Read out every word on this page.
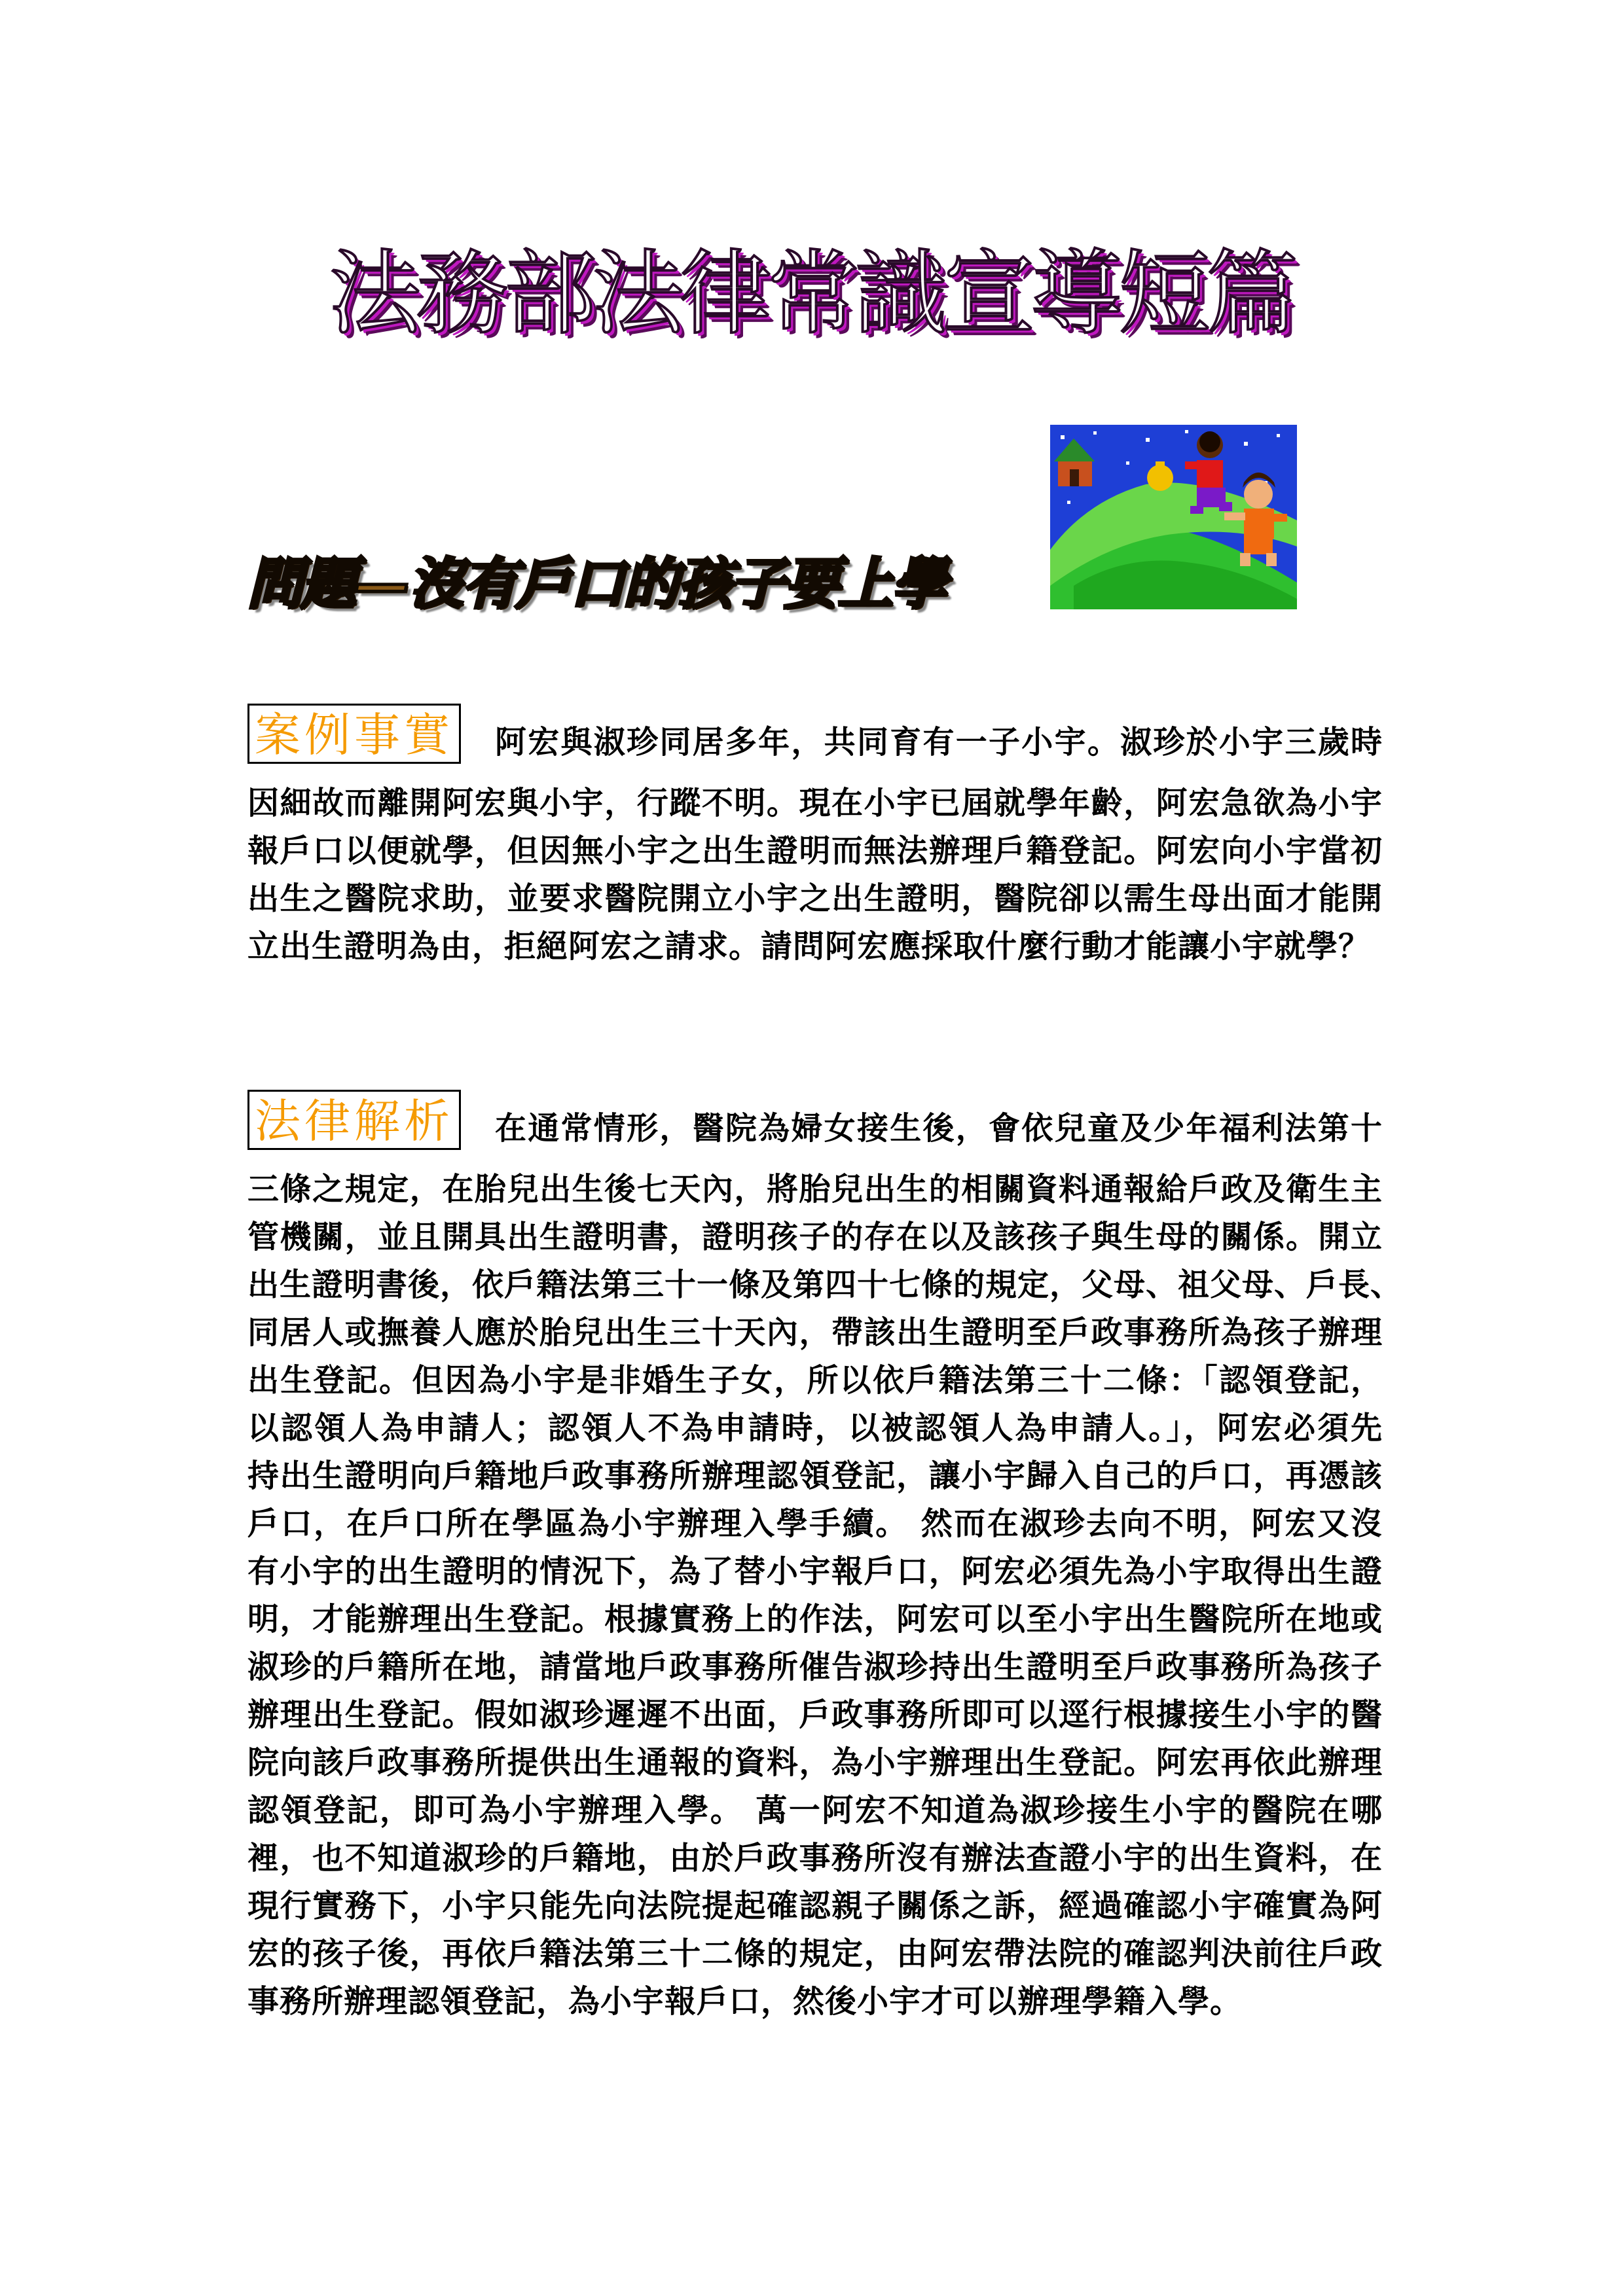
法務部法律常識宣導短篇
問題—沒有戶口的孩子要上學
案例事實 阿宏與淑珍同居多年，共同育有一子小宇。淑珍於小宇三歲時
因細故而離開阿宏與小宇，行蹤不明。現在小宇已屆就學年齡，阿宏急欲為小宇
報戶口以便就學，但因無小宇之出生證明而無法辦理戶籍登記。阿宏向小宇當初
出生之醫院求助，並要求醫院開立小宇之出生證明，醫院卻以需生母出面才能開
立出生證明為由，拒絕阿宏之請求。請問阿宏應採取什麼行動才能讓小宇就學？
法律解析 在通常情形，醫院為婦女接生後，會依兒童及少年福利法第十
三條之規定，在胎兒出生後七天內，將胎兒出生的相關資料通報給戶政及衛生主
管機關，並且開具出生證明書，證明孩子的存在以及該孩子與生母的關係。開立
出生證明書後，依戶籍法第三十一條及第四十七條的規定，父母、祖父母、戶長、
同居人或撫養人應於胎兒出生三十天內，帶該出生證明至戶政事務所為孩子辦理
出生登記。但因為小宇是非婚生子女，所以依戶籍法第三十二條：「認領登記，
以認領人為申請人；認領人不為申請時，以被認領人為申請人。」，阿宏必須先
持出生證明向戶籍地戶政事務所辦理認領登記，讓小宇歸入自己的戶口，再憑該
戶口，在戶口所在學區為小宇辦理入學手續。 然而在淑珍去向不明，阿宏又沒
有小宇的出生證明的情況下，為了替小宇報戶口，阿宏必須先為小宇取得出生證
明，才能辦理出生登記。根據實務上的作法，阿宏可以至小宇出生醫院所在地或
淑珍的戶籍所在地，請當地戶政事務所催告淑珍持出生證明至戶政事務所為孩子
辦理出生登記。假如淑珍遲遲不出面，戶政事務所即可以逕行根據接生小宇的醫
院向該戶政事務所提供出生通報的資料，為小宇辦理出生登記。阿宏再依此辦理
認領登記，即可為小宇辦理入學。 萬一阿宏不知道為淑珍接生小宇的醫院在哪
裡，也不知道淑珍的戶籍地，由於戶政事務所沒有辦法查證小宇的出生資料，在
現行實務下，小宇只能先向法院提起確認親子關係之訴，經過確認小宇確實為阿
宏的孩子後，再依戶籍法第三十二條的規定，由阿宏帶法院的確認判決前往戶政
事務所辦理認領登記，為小宇報戶口，然後小宇才可以辦理學籍入學。
